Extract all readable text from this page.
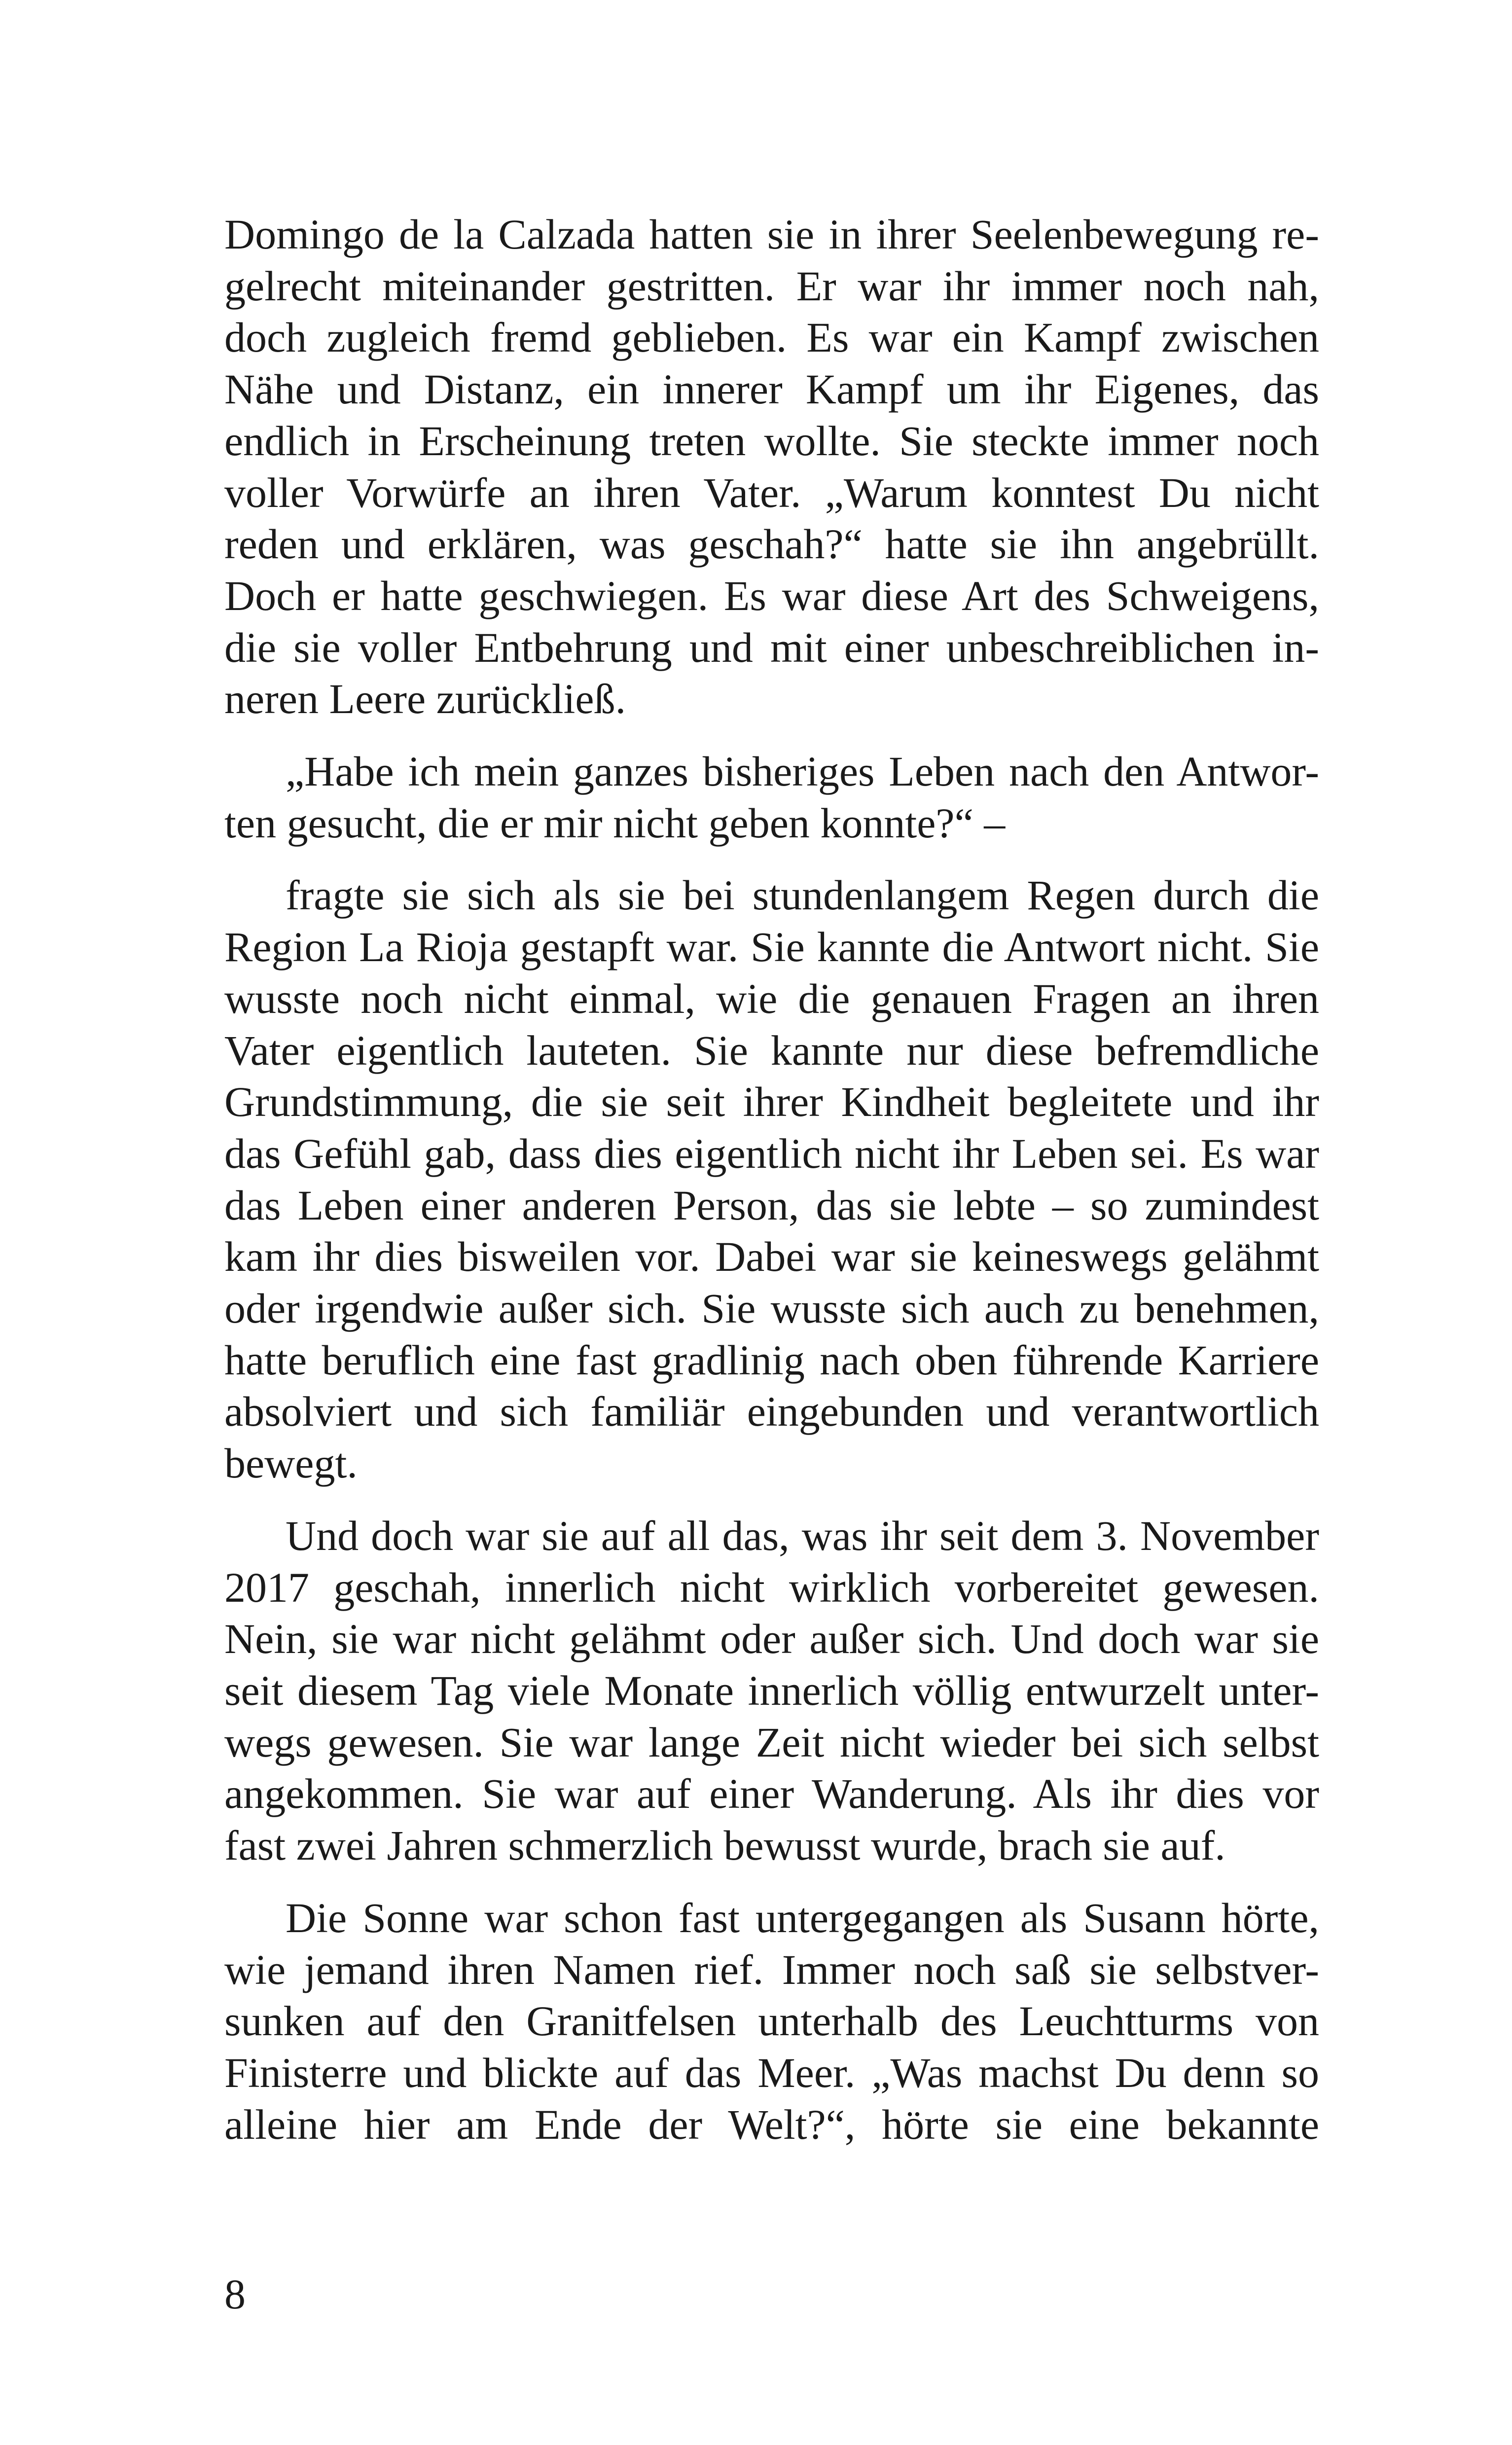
Domingo de la Calzada hatten sie in ihrer Seelenbewegung re-
gelrecht miteinander gestritten. Er war ihr immer noch nah,
doch zugleich fremd geblieben. Es war ein Kampf zwischen
Nähe und Distanz, ein innerer Kampf um ihr Eigenes, das
endlich in Erscheinung treten wollte. Sie steckte immer noch
voller Vorwürfe an ihren Vater. „Warum konntest Du nicht
reden und erklären, was geschah?“ hatte sie ihn angebrüllt.
Doch er hatte geschwiegen. Es war diese Art des Schweigens,
die sie voller Entbehrung und mit einer unbeschreiblichen in-
neren Leere zurückließ.

„Habe ich mein ganzes bisheriges Leben nach den Antwor-
ten gesucht, die er mir nicht geben konnte?“ –

fragte sie sich als sie bei stundenlangem Regen durch die
Region La Rioja gestapft war. Sie kannte die Antwort nicht. Sie
wusste noch nicht einmal, wie die genauen Fragen an ihren
Vater eigentlich lauteten. Sie kannte nur diese befremdliche
Grundstimmung, die sie seit ihrer Kindheit begleitete und ihr
das Gefühl gab, dass dies eigentlich nicht ihr Leben sei. Es war
das Leben einer anderen Person, das sie lebte – so zumindest
kam ihr dies bisweilen vor. Dabei war sie keineswegs gelähmt
oder irgendwie außer sich. Sie wusste sich auch zu benehmen,
hatte beruflich eine fast gradlinig nach oben führende Karriere
absolviert und sich familiär eingebunden und verantwortlich
bewegt.

Und doch war sie auf all das, was ihr seit dem 3. November
2017 geschah, innerlich nicht wirklich vorbereitet gewesen.
Nein, sie war nicht gelähmt oder außer sich. Und doch war sie
seit diesem Tag viele Monate innerlich völlig entwurzelt unter-
wegs gewesen. Sie war lange Zeit nicht wieder bei sich selbst
angekommen. Sie war auf einer Wanderung. Als ihr dies vor
fast zwei Jahren schmerzlich bewusst wurde, brach sie auf.

Die Sonne war schon fast untergegangen als Susann hörte,
wie jemand ihren Namen rief. Immer noch saß sie selbstver-
sunken auf den Granitfelsen unterhalb des Leuchtturms von
Finisterre und blickte auf das Meer. „Was machst Du denn so
alleine hier am Ende der Welt?“, hörte sie eine bekannte

8
